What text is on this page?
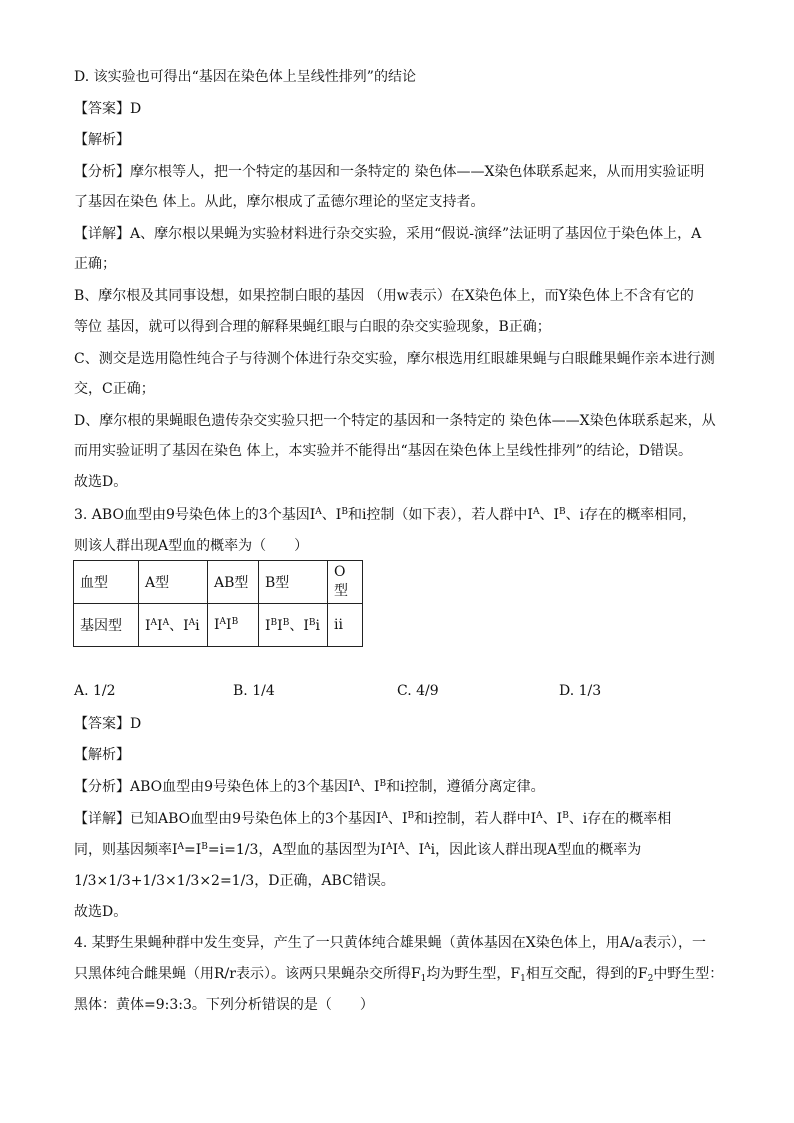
D. 该实验也可得出“基因在染色体上呈线性排列”的结论
【答案】D
【解析】
【分析】摩尔根等人，把一个特定的基因和一条特定的 染色体——X染色体联系起来，从而用实验证明
了基因在染色 体上。从此，摩尔根成了孟德尔理论的坚定支持者。
【详解】A、摩尔根以果蝇为实验材料进行杂交实验，采用“假说-演绎”法证明了基因位于染色体上，A
正确；
B、摩尔根及其同事设想，如果控制白眼的基因 （用w表示）在X染色体上，而Y染色体上不含有它的
等位 基因，就可以得到合理的解释果蝇红眼与白眼的杂交实验现象，B正确；
C、测交是选用隐性纯合子与待测个体进行杂交实验，摩尔根选用红眼雄果蝇与白眼雌果蝇作亲本进行测
交，C正确；
D、摩尔根的果蝇眼色遗传杂交实验只把一个特定的基因和一条特定的 染色体——X染色体联系起来，从
而用实验证明了基因在染色 体上，本实验并不能得出“基因在染色体上呈线性排列”的结论，D错误。
故选D。
3. ABO血型由9号染色体上的3个基因$I^A$、$I^B$和i控制（如下表），若人群中$I^A$、$I^B$、i存在的概率相同，
则该人群出现A型血的概率为（　　）
血型	A型	AB型	B型	O型
基因型	$I^AI^A$、$I^Ai$	$I^AI^B$	$I^BI^B$、$I^Bi$	ii
A. 1/2	B. 1/4	C. 4/9	D. 1/3
【答案】D
【解析】
【分析】ABO血型由9号染色体上的3个基因$I^A$、$I^B$和i控制，遵循分离定律。
【详解】已知ABO血型由9号染色体上的3个基因$I^A$、$I^B$和i控制，若人群中$I^A$、$I^B$、i存在的概率相
同，则基因频率$I^A=I^B=i=1/3$，A型血的基因型为$I^AI^A$、$I^Ai$，因此该人群出现A型血的概率为
1/3×1/3+1/3×1/3×2=1/3，D正确，ABC错误。
故选D。
4. 某野生果蝇种群中发生变异，产生了一只黄体纯合雄果蝇（黄体基因在X染色体上，用A/a表示），一
只黑体纯合雌果蝇（用R/r表示）。该两只果蝇杂交所得$F_1$均为野生型，$F_1$相互交配，得到的$F_2$中野生型：
黑体：黄体=9:3:3。下列分析错误的是（　　）
